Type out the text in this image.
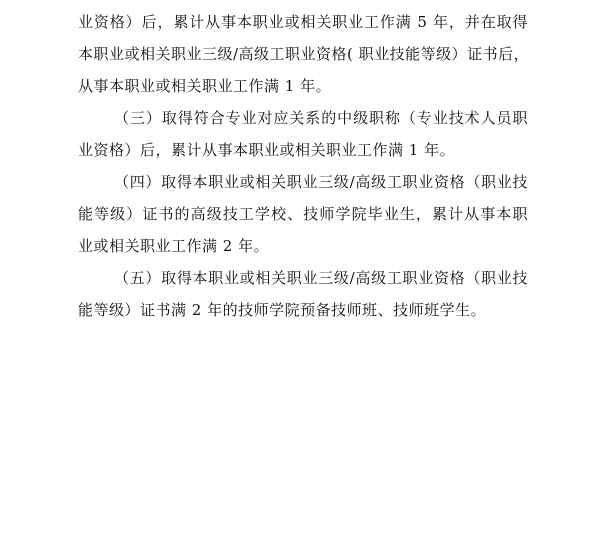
业资格）后，累计从事本职业或相关职业工作满 5 年，并在取得
本职业或相关职业三级/高级工职业资格( 职业技能等级）证书后，
从事本职业或相关职业工作满 1 年。
（三）取得符合专业对应关系的中级职称（专业技术人员职
业资格）后，累计从事本职业或相关职业工作满 1 年。
（四）取得本职业或相关职业三级/高级工职业资格（职业技
能等级）证书的高级技工学校、技师学院毕业生，累计从事本职
业或相关职业工作满 2 年。
（五）取得本职业或相关职业三级/高级工职业资格（职业技
能等级）证书满 2 年的技师学院预备技师班、技师班学生。
